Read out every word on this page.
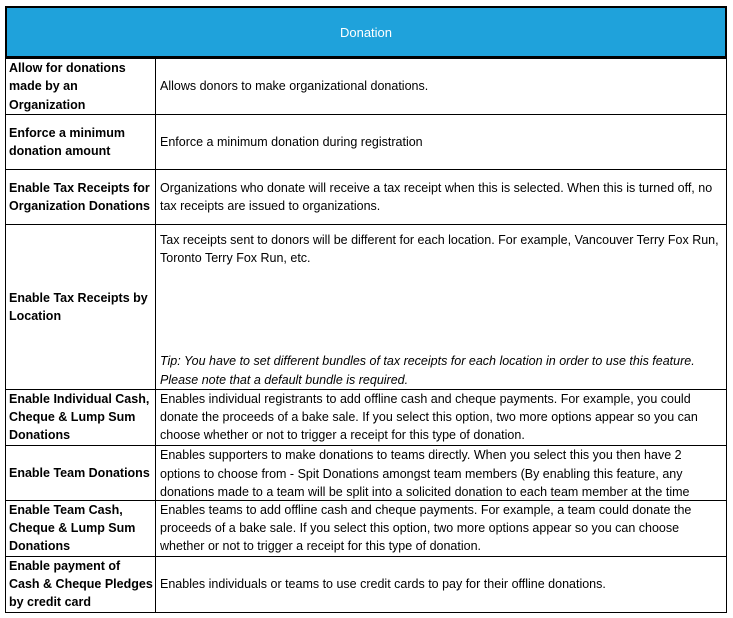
Donation
Allow for donations made by an Organization	Allows donors to make organizational donations.
Enforce a minimum donation amount	Enforce a minimum donation during registration
Enable Tax Receipts for Organization Donations	Organizations who donate will receive a tax receipt when this is selected. When this is turned off, no tax receipts are issued to organizations.
Enable Tax Receipts by Location	Tax receipts sent to donors will be different for each location. For example, Vancouver Terry Fox Run, Toronto Terry Fox Run, etc.
Tip: You have to set different bundles of tax receipts for each location in order to use this feature. Please note that a default bundle is required.

Enable Individual Cash, Cheque & Lump Sum Donations	Enables individual registrants to add offline cash and cheque payments. For example, you could donate the proceeds of a bake sale. If you select this option, two more options appear so you can choose whether or not to trigger a receipt for this type of donation.
Enable Team Donations	Enables supporters to make donations to teams directly. When you select this you then have 2 options to choose from - Spit Donations amongst team members (By enabling this feature, any donations made to a team will be split into a solicited donation to each team member at the time

Enable Team Cash, Cheque & Lump Sum Donations	Enables teams to add offline cash and cheque payments. For example, a team could donate the proceeds of a bake sale. If you select this option, two more options appear so you can choose whether or not to trigger a receipt for this type of donation.
Enable payment of Cash & Cheque Pledges by credit card	Enables individuals or teams to use credit cards to pay for their offline donations.
